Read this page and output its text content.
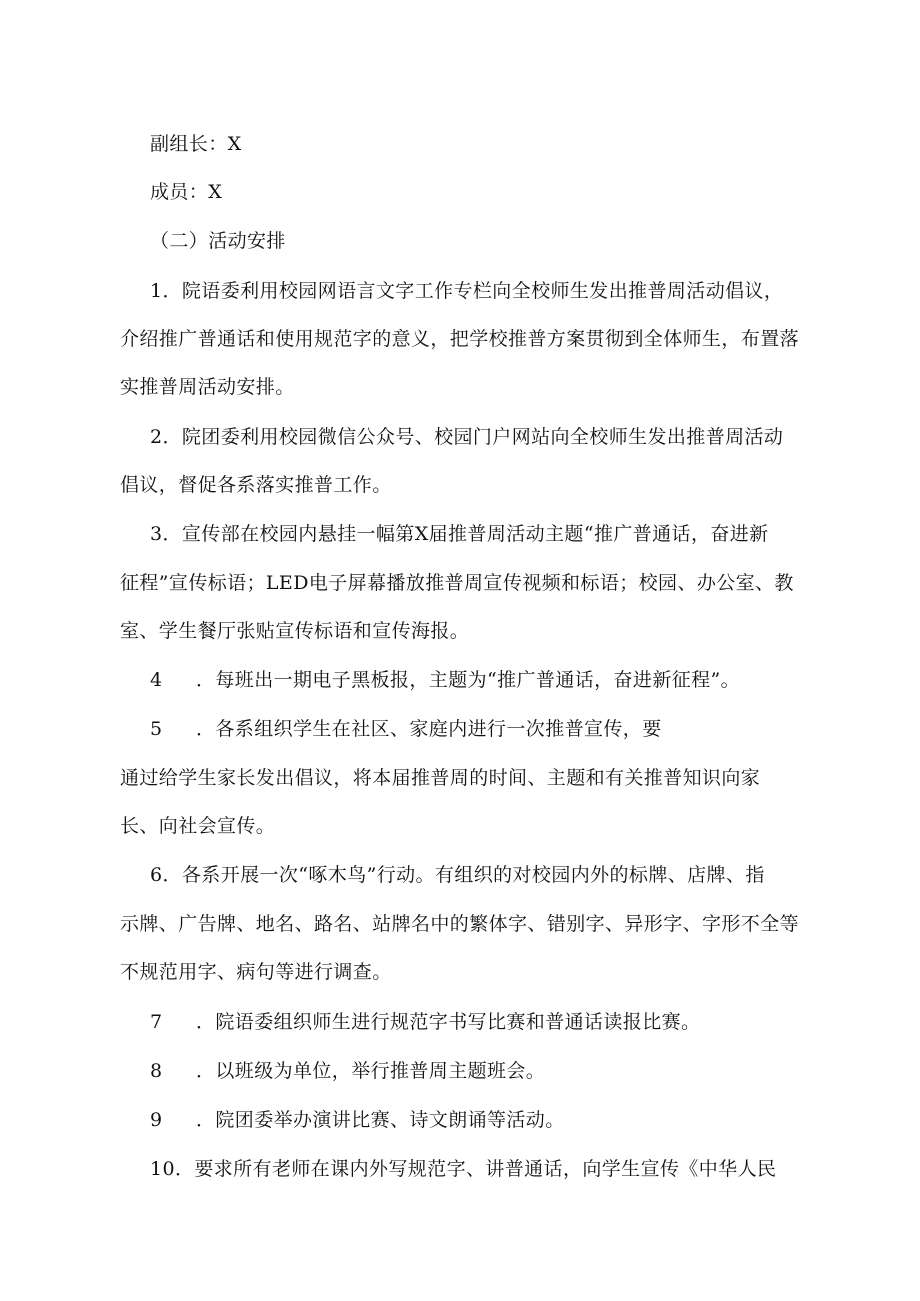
副组长：X
成员：X
（二）活动安排
1．院语委利用校园网语言文字工作专栏向全校师生发出推普周活动倡议，
介绍推广普通话和使用规范字的意义，把学校推普方案贯彻到全体师生，布置落
实推普周活动安排。
2．院团委利用校园微信公众号、校园门户网站向全校师生发出推普周活动
倡议，督促各系落实推普工作。
3．宣传部在校园内悬挂一幅第X届推普周活动主题“推广普通话，奋进新
征程”宣传标语；LED电子屏幕播放推普周宣传视频和标语；校园、办公室、教
室、学生餐厅张贴宣传标语和宣传海报。
4 ．每班出一期电子黑板报，主题为“推广普通话，奋进新征程”。
5 ．各系组织学生在社区、家庭内进行一次推普宣传，要
通过给学生家长发出倡议，将本届推普周的时间、主题和有关推普知识向家
长、向社会宣传。
6．各系开展一次“啄木鸟”行动。有组织的对校园内外的标牌、店牌、指
示牌、广告牌、地名、路名、站牌名中的繁体字、错别字、异形字、字形不全等
不规范用字、病句等进行调查。
7 ．院语委组织师生进行规范字书写比赛和普通话读报比赛。
8 ．以班级为单位，举行推普周主题班会。
9 ．院团委举办演讲比赛、诗文朗诵等活动。
10．要求所有老师在课内外写规范字、讲普通话，向学生宣传《中华人民
